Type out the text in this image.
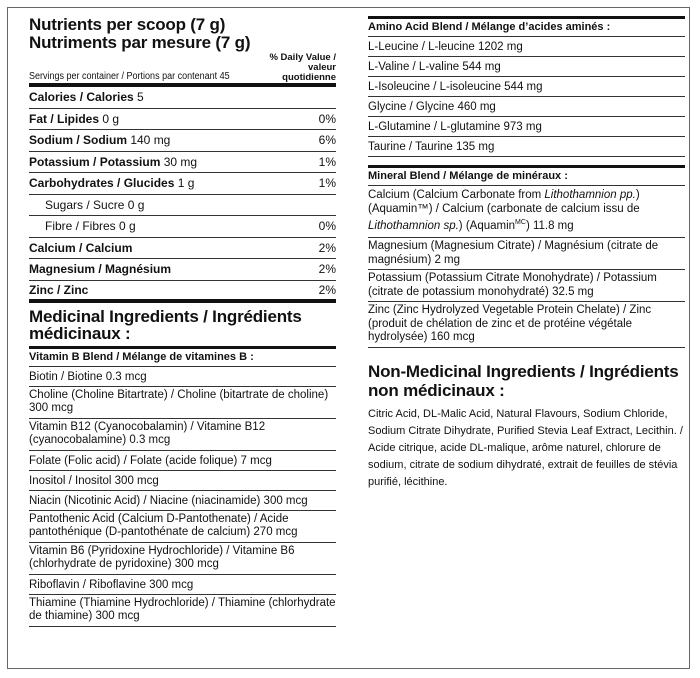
Nutrients per scoop (7 g)
Nutriments par mesure (7 g)
Servings per container / Portions par contenant 45
% Daily Value /
valeur quotidienne
Calories / Calories 5
Fat / Lipides 0 g	0%
Sodium / Sodium 140 mg	6%
Potassium / Potassium 30 mg	1%
Carbohydrates / Glucides 1 g	1%
Sugars / Sucre 0 g
Fibre / Fibres 0 g	0%
Calcium / Calcium	2%
Magnesium / Magnésium	2%
Zinc / Zinc	2%
Medicinal Ingredients / Ingrédients médicinaux :
Vitamin B Blend / Mélange de vitamines B :
Biotin / Biotine 0.3 mcg
Choline (Choline Bitartrate) / Choline (bitartrate de choline) 300 mcg
Vitamin B12 (Cyanocobalamin) / Vitamine B12 (cyanocobalamine) 0.3 mcg
Folate (Folic acid) / Folate (acide folique) 7 mcg
Inositol / Inositol 300 mcg
Niacin (Nicotinic Acid) / Niacine (niacinamide) 300 mcg
Pantothenic Acid (Calcium D-Pantothenate) / Acide pantothénique (D-pantothénate de calcium) 270 mcg
Vitamin B6 (Pyridoxine Hydrochloride) / Vitamine B6 (chlorhydrate de pyridoxine) 300 mcg
Riboflavin / Riboflavine 300 mcg
Thiamine (Thiamine Hydrochloride) / Thiamine (chlorhydrate de thiamine) 300 mcg
Amino Acid Blend / Mélange d’acides aminés :
L-Leucine / L-leucine 1202 mg
L-Valine / L-valine 544 mg
L-Isoleucine / L-isoleucine 544 mg
Glycine / Glycine 460 mg
L-Glutamine / L-glutamine 973 mg
Taurine / Taurine 135 mg
Mineral Blend / Mélange de minéraux :
Calcium (Calcium Carbonate from Lithothamnion pp.) (Aquamin™) / Calcium (carbonate de calcium issu de Lithothamnion sp.) (Aquamin$^{MC}$) 11.8 mg
Magnesium (Magnesium Citrate) / Magnésium (citrate de magnésium) 2 mg
Potassium (Potassium Citrate Monohydrate) / Potassium (citrate de potassium monohydraté) 32.5 mg
Zinc (Zinc Hydrolyzed Vegetable Protein Chelate) / Zinc (produit de chélation de zinc et de protéine végétale hydrolysée) 160 mcg
Non-Medicinal Ingredients / Ingrédients non médicinaux :
Citric Acid, DL-Malic Acid, Natural Flavours, Sodium Chloride, Sodium Citrate Dihydrate, Purified Stevia Leaf Extract, Lecithin. / Acide citrique, acide DL-malique, arôme naturel, chlorure de sodium, citrate de sodium dihydraté, extrait de feuilles de stévia purifié, lécithine.
